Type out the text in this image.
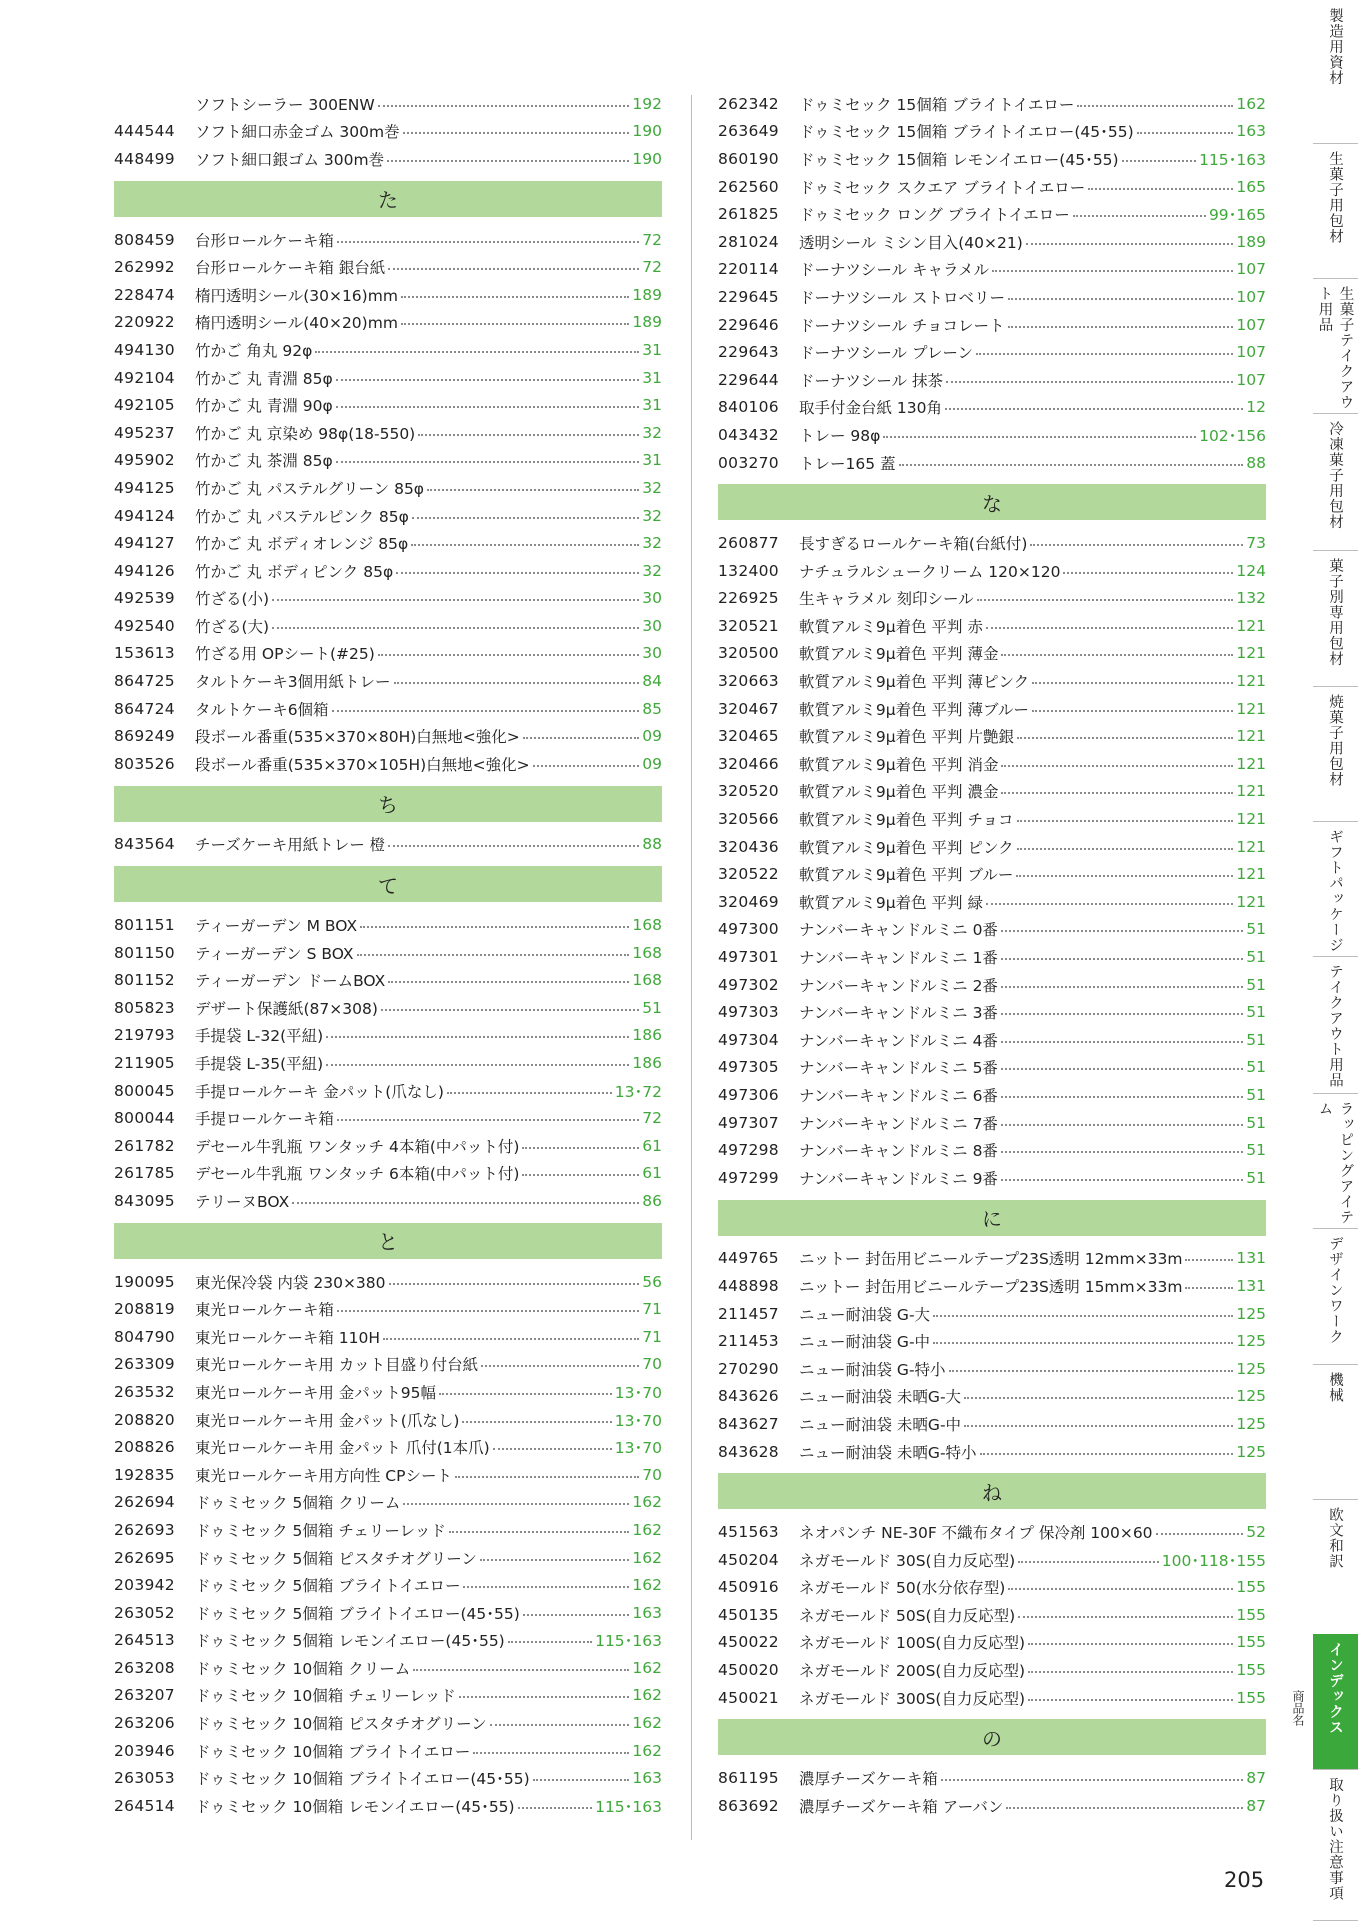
ソフトシーラー 300ENW	192
444544	ソフト細口赤金ゴム 300m巻	190
448499	ソフト細口銀ゴム 300m巻	190
た
808459	台形ロールケーキ箱	72
262992	台形ロールケーキ箱 銀台紙	72
228474	楕円透明シール(30×16)mm	189
220922	楕円透明シール(40×20)mm	189
494130	竹かご 角丸 92φ	31
492104	竹かご 丸 青淵 85φ	31
492105	竹かご 丸 青淵 90φ	31
495237	竹かご 丸 京染め 98φ(18-550)	32
495902	竹かご 丸 茶淵 85φ	31
494125	竹かご 丸 パステルグリーン 85φ	32
494124	竹かご 丸 パステルピンク 85φ	32
494127	竹かご 丸 ボディオレンジ 85φ	32
494126	竹かご 丸 ボディピンク 85φ	32
492539	竹ざる(小)	30
492540	竹ざる(大)	30
153613	竹ざる用 OPシート(#25)	30
864725	タルトケーキ3個用紙トレー	84
864724	タルトケーキ6個箱	85
869249	段ボール番重(535×370×80H)白無地<強化>	09
803526	段ボール番重(535×370×105H)白無地<強化>	09
ち
843564	チーズケーキ用紙トレー 橙	88
て
801151	ティーガーデン M BOX	168
801150	ティーガーデン S BOX	168
801152	ティーガーデン ドームBOX	168
805823	デザート保護紙(87×308)	51
219793	手提袋 L-32(平紐)	186
211905	手提袋 L-35(平紐)	186
800045	手提ロールケーキ 金パット(爪なし)	13･72
800044	手提ロールケーキ箱	72
261782	デセール牛乳瓶 ワンタッチ 4本箱(中パット付)	61
261785	デセール牛乳瓶 ワンタッチ 6本箱(中パット付)	61
843095	テリーヌBOX	86
と
190095	東光保冷袋 内袋 230×380	56
208819	東光ロールケーキ箱	71
804790	東光ロールケーキ箱 110H	71
263309	東光ロールケーキ用 カット目盛り付台紙	70
263532	東光ロールケーキ用 金パット95幅	13･70
208820	東光ロールケーキ用 金パット(爪なし)	13･70
208826	東光ロールケーキ用 金パット 爪付(1本爪)	13･70
192835	東光ロールケーキ用方向性 CPシート	70
262694	ドゥミセック 5個箱 クリーム	162
262693	ドゥミセック 5個箱 チェリーレッド	162
262695	ドゥミセック 5個箱 ピスタチオグリーン	162
203942	ドゥミセック 5個箱 ブライトイエロー	162
263052	ドゥミセック 5個箱 ブライトイエロー(45･55)	163
264513	ドゥミセック 5個箱 レモンイエロー(45･55)	115･163
263208	ドゥミセック 10個箱 クリーム	162
263207	ドゥミセック 10個箱 チェリーレッド	162
263206	ドゥミセック 10個箱 ピスタチオグリーン	162
203946	ドゥミセック 10個箱 ブライトイエロー	162
263053	ドゥミセック 10個箱 ブライトイエロー(45･55)	163
264514	ドゥミセック 10個箱 レモンイエロー(45･55)	115･163
262342	ドゥミセック 15個箱 ブライトイエロー	162
263649	ドゥミセック 15個箱 ブライトイエロー(45･55)	163
860190	ドゥミセック 15個箱 レモンイエロー(45･55)	115･163
262560	ドゥミセック スクエア ブライトイエロー	165
261825	ドゥミセック ロング ブライトイエロー	99･165
281024	透明シール ミシン目入(40×21)	189
220114	ドーナツシール キャラメル	107
229645	ドーナツシール ストロベリー	107
229646	ドーナツシール チョコレート	107
229643	ドーナツシール プレーン	107
229644	ドーナツシール 抹茶	107
840106	取手付金台紙 130角	12
043432	トレー 98φ	102･156
003270	トレー165 蓋	88
な
260877	長すぎるロールケーキ箱(台紙付)	73
132400	ナチュラルシュークリーム 120×120	124
226925	生キャラメル 刻印シール	132
320521	軟質アルミ9μ着色 平判 赤	121
320500	軟質アルミ9μ着色 平判 薄金	121
320663	軟質アルミ9μ着色 平判 薄ピンク	121
320467	軟質アルミ9μ着色 平判 薄ブルー	121
320465	軟質アルミ9μ着色 平判 片艶銀	121
320466	軟質アルミ9μ着色 平判 消金	121
320520	軟質アルミ9μ着色 平判 濃金	121
320566	軟質アルミ9μ着色 平判 チョコ	121
320436	軟質アルミ9μ着色 平判 ピンク	121
320522	軟質アルミ9μ着色 平判 ブルー	121
320469	軟質アルミ9μ着色 平判 緑	121
497300	ナンバーキャンドルミニ 0番	51
497301	ナンバーキャンドルミニ 1番	51
497302	ナンバーキャンドルミニ 2番	51
497303	ナンバーキャンドルミニ 3番	51
497304	ナンバーキャンドルミニ 4番	51
497305	ナンバーキャンドルミニ 5番	51
497306	ナンバーキャンドルミニ 6番	51
497307	ナンバーキャンドルミニ 7番	51
497298	ナンバーキャンドルミニ 8番	51
497299	ナンバーキャンドルミニ 9番	51
に
449765	ニットー 封缶用ビニールテープ23S透明 12mm×33m	131
448898	ニットー 封缶用ビニールテープ23S透明 15mm×33m	131
211457	ニュー耐油袋 G-大	125
211453	ニュー耐油袋 G-中	125
270290	ニュー耐油袋 G-特小	125
843626	ニュー耐油袋 未晒G-大	125
843627	ニュー耐油袋 未晒G-中	125
843628	ニュー耐油袋 未晒G-特小	125
ね
451563	ネオパンチ NE-30F 不織布タイプ 保冷剤 100×60	52
450204	ネガモールド 30S(自力反応型)	100･118･155
450916	ネガモールド 50(水分依存型)	155
450135	ネガモールド 50S(自力反応型)	155
450022	ネガモールド 100S(自力反応型)	155
450020	ネガモールド 200S(自力反応型)	155
450021	ネガモールド 300S(自力反応型)	155
の
861195	濃厚チーズケーキ箱	87
863692	濃厚チーズケーキ箱 アーバン	87
製造用資材
生菓子用包材
生菓子テイクアウト用品
冷凍菓子用包材
菓子別専用包材
焼菓子用包材
ギフトパッケージ
テイクアウト用品
ラッピングアイテム
デザインワーク
機械
欧文和訳
インデックス
取り扱い注意事項
商品名
205
